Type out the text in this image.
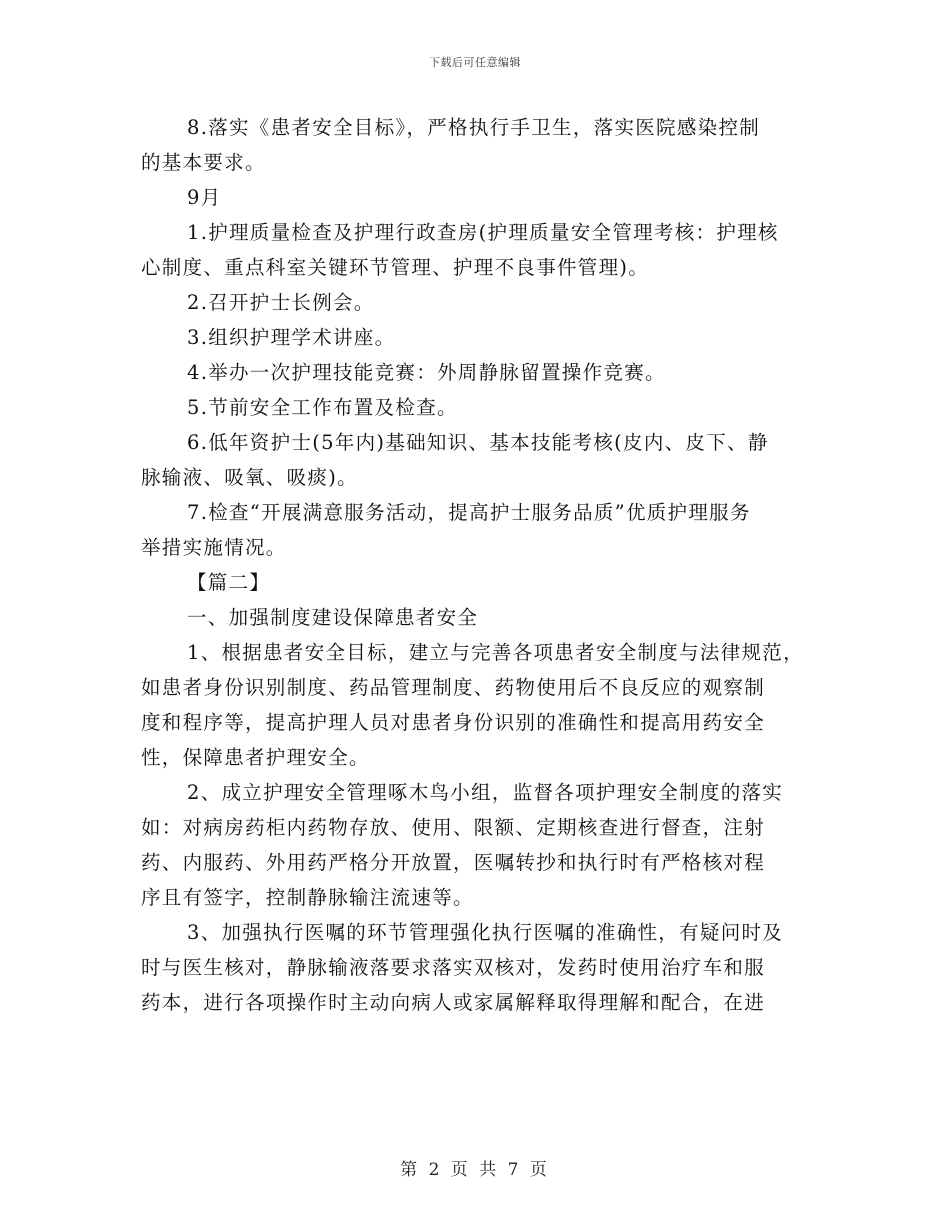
下载后可任意编辑
8.落实《患者安全目标》，严格执行手卫生，落实医院感染控制
的基本要求。
9月
1.护理质量检查及护理行政查房(护理质量安全管理考核：护理核
心制度、重点科室关键环节管理、护理不良事件管理)。
2.召开护士长例会。
3.组织护理学术讲座。
4.举办一次护理技能竞赛：外周静脉留置操作竞赛。
5.节前安全工作布置及检查。
6.低年资护士(5年内)基础知识、基本技能考核(皮内、皮下、静
脉输液、吸氧、吸痰)。
7.检查“开展满意服务活动，提高护士服务品质”优质护理服务
举措实施情况。
【篇二】
一、加强制度建设保障患者安全
1、根据患者安全目标，建立与完善各项患者安全制度与法律规范，
如患者身份识别制度、药品管理制度、药物使用后不良反应的观察制
度和程序等，提高护理人员对患者身份识别的准确性和提高用药安全
性，保障患者护理安全。
2、成立护理安全管理啄木鸟小组，监督各项护理安全制度的落实
如：对病房药柜内药物存放、使用、限额、定期核查进行督查，注射
药、内服药、外用药严格分开放置，医嘱转抄和执行时有严格核对程
序且有签字，控制静脉输注流速等。
3、加强执行医嘱的环节管理强化执行医嘱的准确性，有疑问时及
时与医生核对，静脉输液落要求落实双核对，发药时使用治疗车和服
药本，进行各项操作时主动向病人或家属解释取得理解和配合，在进
第 2 页 共 7 页
